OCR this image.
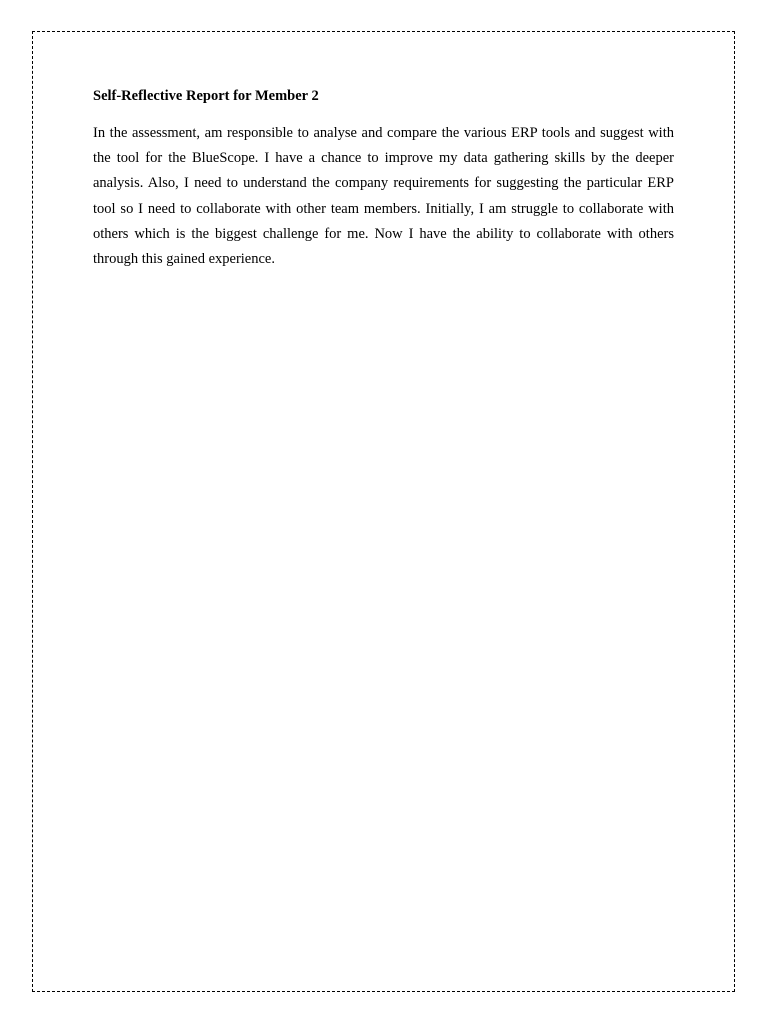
Self-Reflective Report for Member 2

In the assessment, am responsible to analyse and compare the various ERP tools and suggest with the tool for the BlueScope. I have a chance to improve my data gathering skills by the deeper analysis. Also, I need to understand the company requirements for suggesting the particular ERP tool so I need to collaborate with other team members. Initially, I am struggle to collaborate with others which is the biggest challenge for me. Now I have the ability to collaborate with others through this gained experience.
